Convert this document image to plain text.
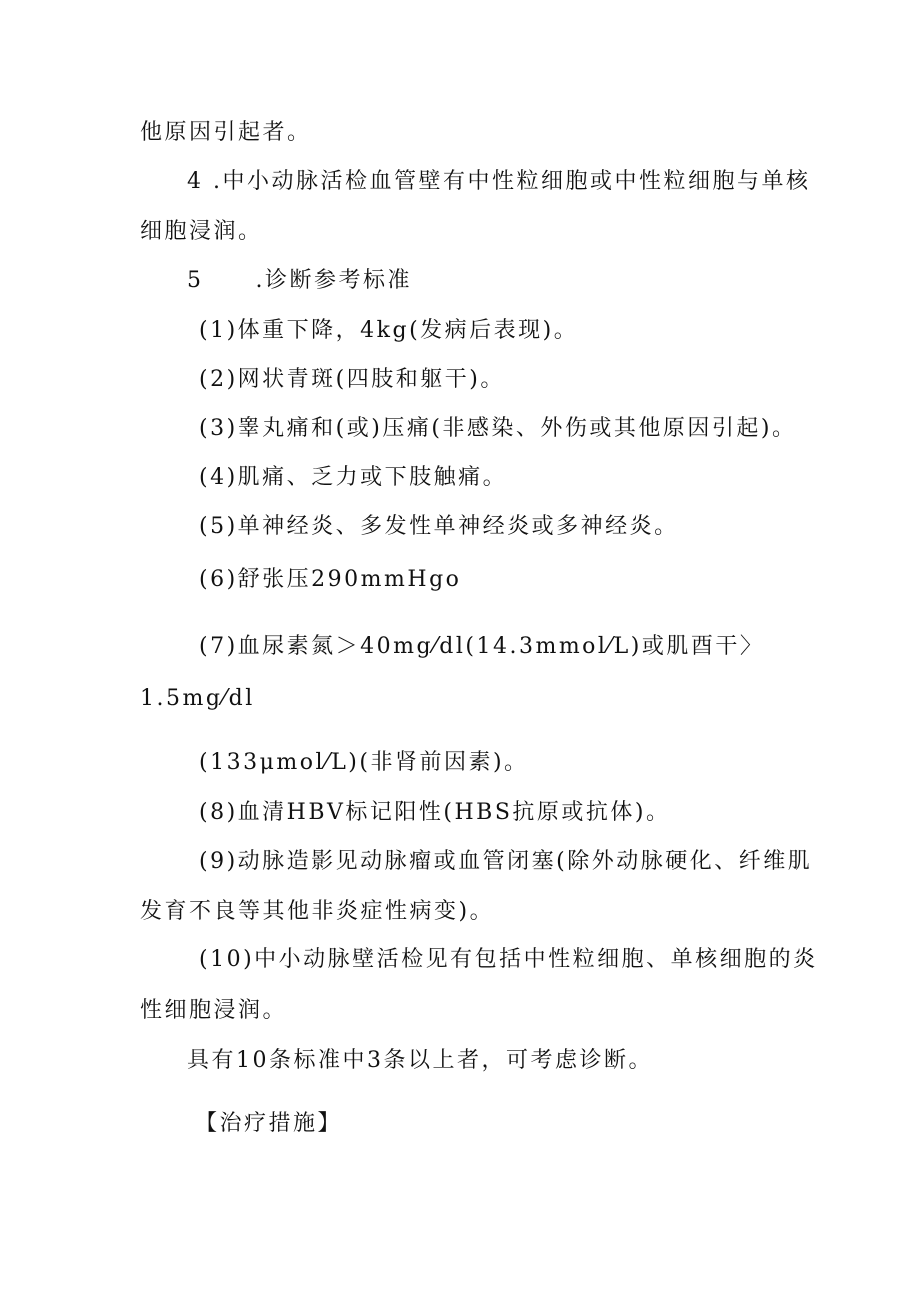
他原因引起者。
4 .中小动脉活检血管壁有中性粒细胞或中性粒细胞与单核
细胞浸润。
5 .诊断参考标准
(1)体重下降，4kg(发病后表现)。
(2)网状青斑(四肢和躯干)。
(3)睾丸痛和(或)压痛(非感染、外伤或其他原因引起)。
(4)肌痛、乏力或下肢触痛。
(5)单神经炎、多发性单神经炎或多神经炎。
(6)舒张压290mmHgo
(7)血尿素氮＞40mg⁄dl(14.3mmol⁄L)或肌酉干〉
1.5mg⁄dl
(133μmol⁄L)(非肾前因素)。
(8)血清HBV标记阳性(HBS抗原或抗体)。
(9)动脉造影见动脉瘤或血管闭塞(除外动脉硬化、纤维肌
发育不良等其他非炎症性病变)。
(10)中小动脉壁活检见有包括中性粒细胞、单核细胞的炎
性细胞浸润。
具有10条标准中3条以上者，可考虑诊断。
【治疗措施】
